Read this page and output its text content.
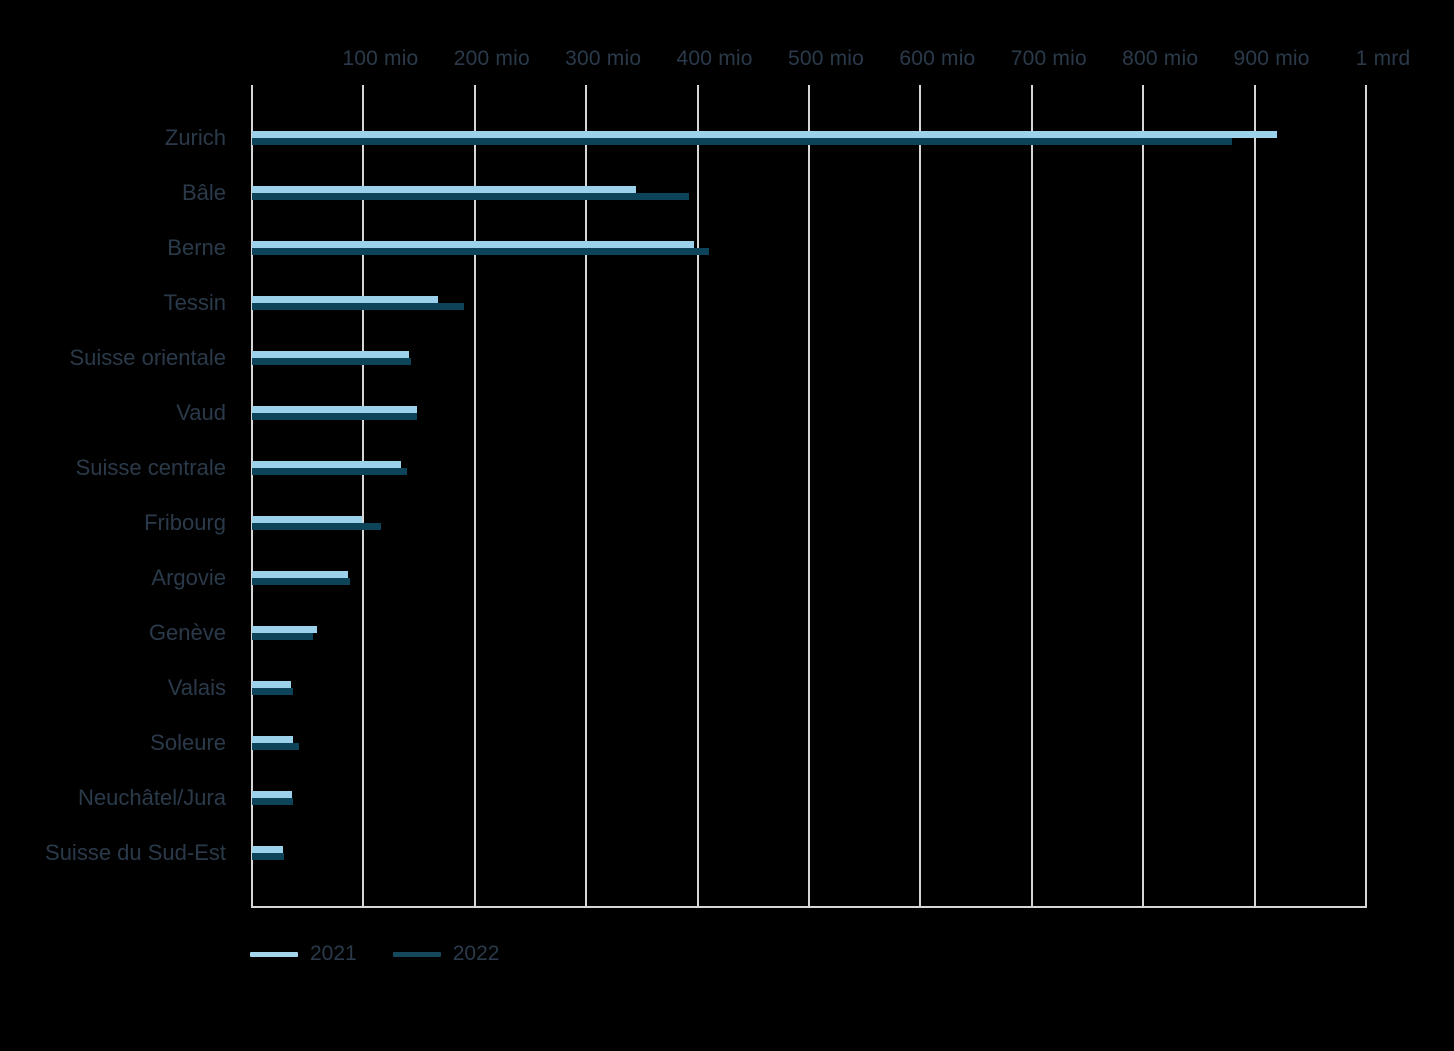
100 mio	200 mio	300 mio	400 mio	500 mio	600 mio	700 mio	800 mio	900 mio	1 mrd
Zurich
Bâle
Berne
Tessin
Suisse orientale
Vaud
Suisse centrale
Fribourg
Argovie
Genève
Valais
Soleure
Neuchâtel/Jura
Suisse du Sud-Est
2021	2022
